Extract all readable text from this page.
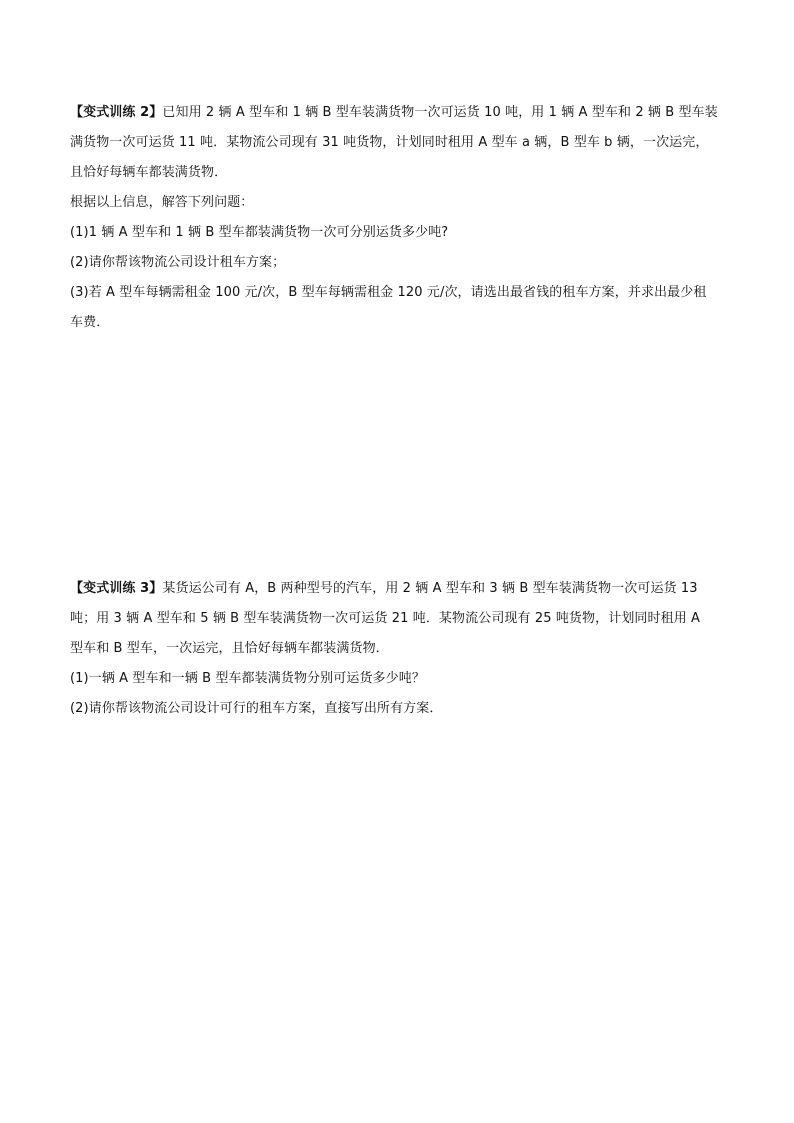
【变式训练 2】已知用 2 辆 A 型车和 1 辆 B 型车装满货物一次可运货 10 吨，用 1 辆 A 型车和 2 辆 B 型车装
满货物一次可运货 11 吨．某物流公司现有 31 吨货物，计划同时租用 A 型车 a 辆，B 型车 b 辆，一次运完，
且恰好每辆车都装满货物．
根据以上信息，解答下列问题：
(1)1 辆 A 型车和 1 辆 B 型车都装满货物一次可分别运货多少吨?
(2)请你帮该物流公司设计租车方案；
(3)若 A 型车每辆需租金 100 元/次，B 型车每辆需租金 120 元/次，请选出最省钱的租车方案，并求出最少租
车费．
【变式训练 3】某货运公司有 A，B 两种型号的汽车，用 2 辆 A 型车和 3 辆 B 型车装满货物一次可运货 13
吨；用 3 辆 A 型车和 5 辆 B 型车装满货物一次可运货 21 吨．某物流公司现有 25 吨货物，计划同时租用 A
型车和 B 型车，一次运完，且恰好每辆车都装满货物．
(1)一辆 A 型车和一辆 B 型车都装满货物分别可运货多少吨？
(2)请你帮该物流公司设计可行的租车方案，直接写出所有方案．
